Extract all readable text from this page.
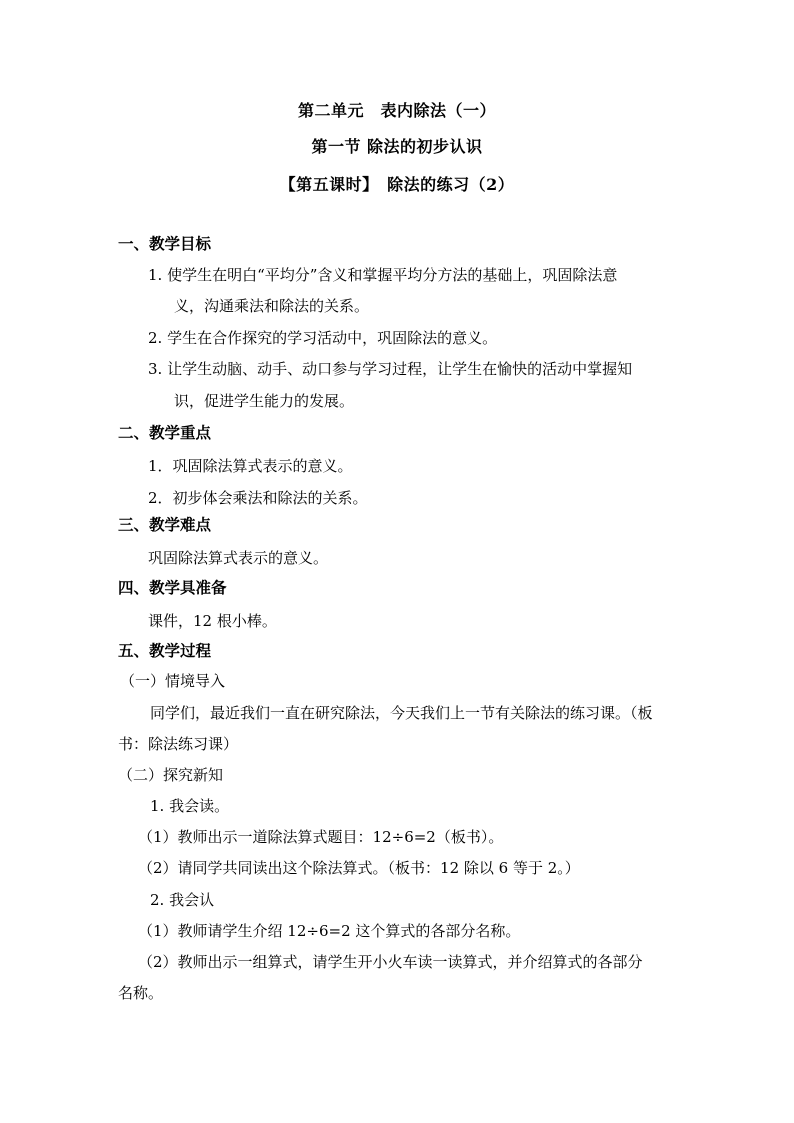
第二单元　表内除法（一）
第一节 除法的初步认识
【第五课时】　除法的练习（2）
一、教学目标
1. 使学生在明白“平均分”含义和掌握平均分方法的基础上，巩固除法意
义，沟通乘法和除法的关系。
2. 学生在合作探究的学习活动中，巩固除法的意义。
3. 让学生动脑、动手、动口参与学习过程，让学生在愉快的活动中掌握知
识，促进学生能力的发展。
二、教学重点
1．巩固除法算式表示的意义。
2．初步体会乘法和除法的关系。
三、教学难点
巩固除法算式表示的意义。
四、教学具准备
课件，12 根小棒。
五、教学过程
（一）情境导入
同学们，最近我们一直在研究除法，今天我们上一节有关除法的练习课。（板
书：除法练习课）
（二）探究新知
1. 我会读。
（1）教师出示一道除法算式题目：12÷6=2（板书）。
（2）请同学共同读出这个除法算式。（板书：12 除以 6 等于 2。）
2. 我会认
（1）教师请学生介绍 12÷6=2 这个算式的各部分名称。
（2）教师出示一组算式，请学生开小火车读一读算式，并介绍算式的各部分
名称。
